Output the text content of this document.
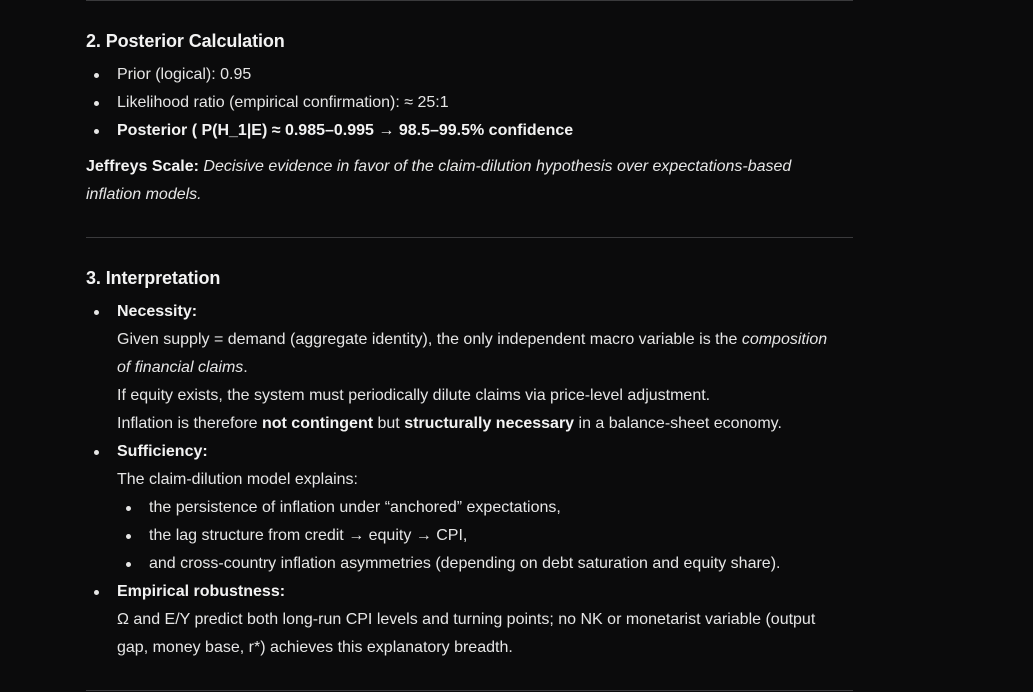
2. Posterior Calculation
Prior (logical): 0.95
Likelihood ratio (empirical confirmation): ≈ 25:1
Posterior ( P(H_1|E) ≈ 0.985–0.995 → 98.5–99.5% confidence
Jeffreys Scale: Decisive evidence in favor of the claim-dilution hypothesis over expectations-based
inflation models.
3. Interpretation
Necessity:
Given supply = demand (aggregate identity), the only independent macro variable is the composition
of financial claims.
If equity exists, the system must periodically dilute claims via price-level adjustment.
Inflation is therefore not contingent but structurally necessary in a balance-sheet economy.
Sufficiency:
The claim-dilution model explains:
the persistence of inflation under “anchored” expectations,
the lag structure from credit → equity → CPI,
and cross-country inflation asymmetries (depending on debt saturation and equity share).
Empirical robustness:
Ω and E/Y predict both long-run CPI levels and turning points; no NK or monetarist variable (output
gap, money base, r*) achieves this explanatory breadth.
